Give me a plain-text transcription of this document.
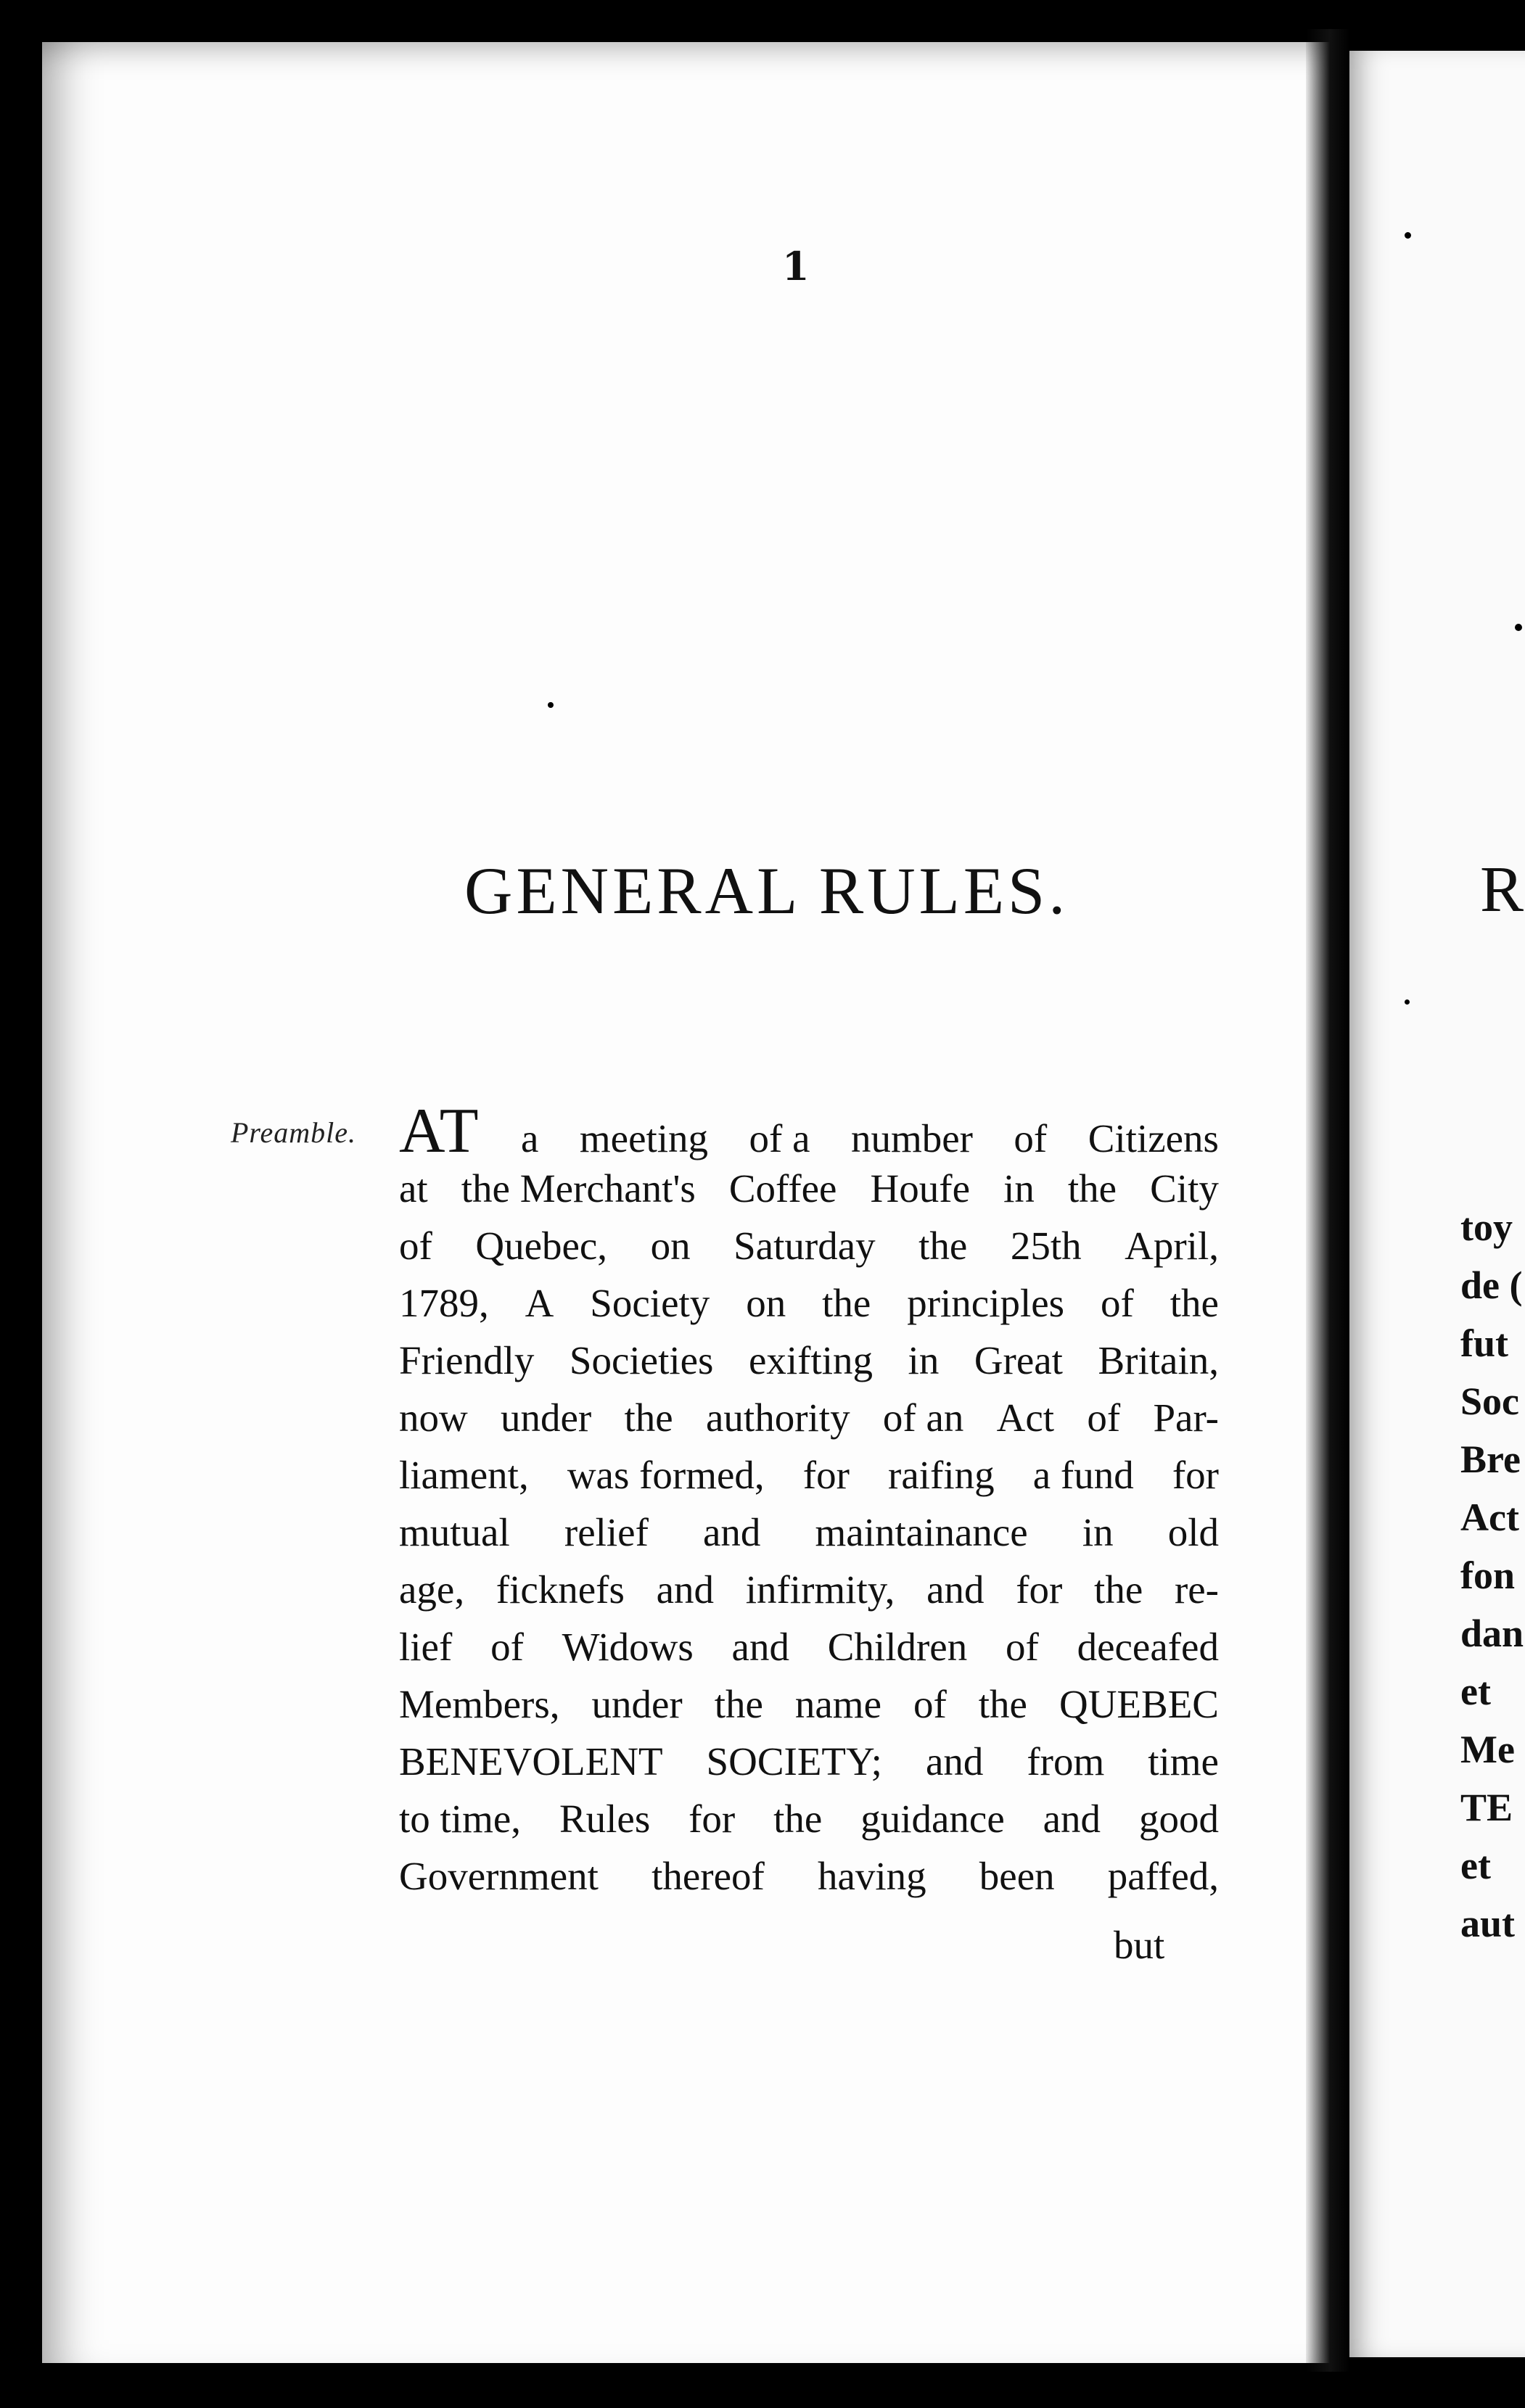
R
toy
de (
fut
Soc
Bre
Act
fon
dan
et
Me
TE
et
aut

1

GENERAL RULES.

Preamble. AT a meeting of a number of Citizens
at the Merchant's Coffee Houfe in the City
of Quebec, on Saturday the 25th April,
1789, A Society on the principles of the
Friendly Societies exifting in Great Britain,
now under the authority of an Act of Par-
liament, was formed, for raifing a fund for
mutual relief and maintainance in old
age, ficknefs and infirmity, and for the re-
lief of Widows and Children of deceafed
Members, under the name of the QUEBEC
BENEVOLENT SOCIETY; and from time
to time, Rules for the guidance and good
Government thereof having been paffed,

but
